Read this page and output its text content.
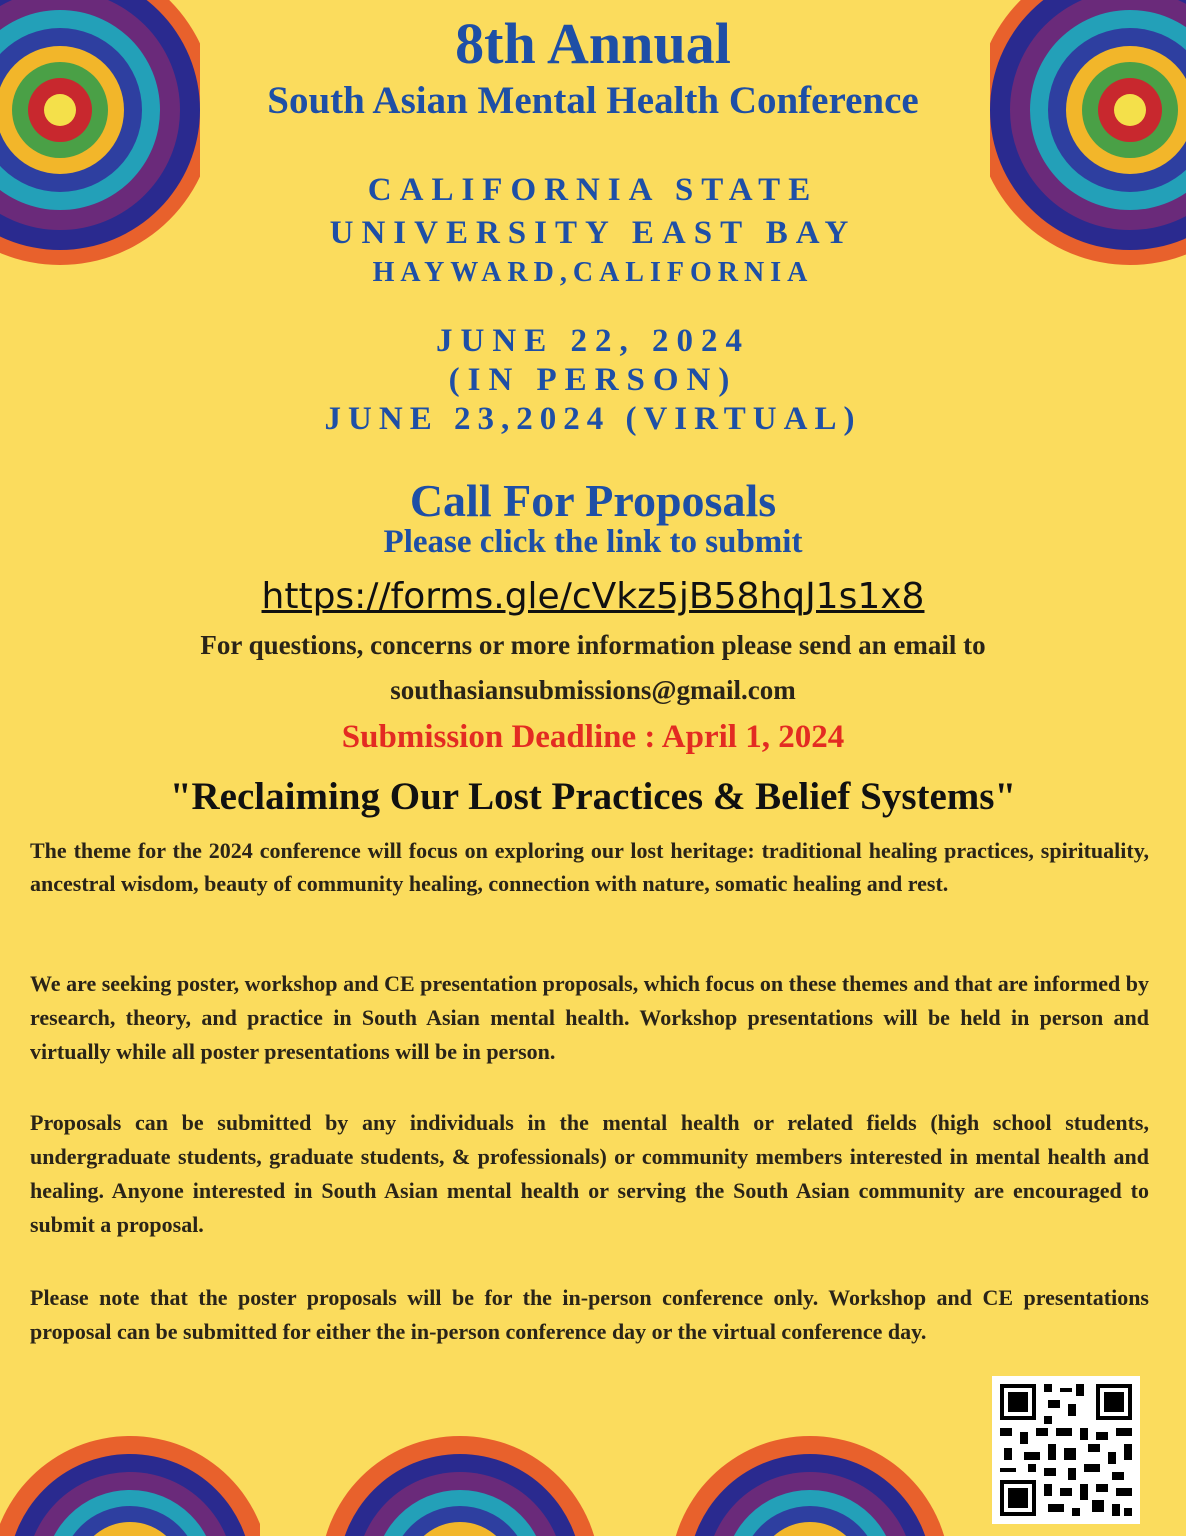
8th Annual
South Asian Mental Health Conference
CALIFORNIA STATE
UNIVERSITY EAST BAY
HAYWARD,CALIFORNIA
JUNE 22, 2024
(IN PERSON)
JUNE 23,2024 (VIRTUAL)
Call For Proposals
Please click the link to submit
https://forms.gle/cVkz5jB58hqJ1s1x8
For questions, concerns or more information please send an email to
southasiansubmissions@gmail.com
Submission Deadline : April 1, 2024
"Reclaiming Our Lost Practices & Belief Systems"

The theme for the 2024 conference will focus on exploring our lost heritage: traditional healing practices, spirituality, ancestral wisdom, beauty of community healing, connection with nature, somatic healing and rest.

We are seeking poster, workshop and CE presentation proposals, which focus on these themes and that are informed by research, theory, and practice in South Asian mental health. Workshop presentations will be held in person and virtually while all poster presentations will be in person.

Proposals can be submitted by any individuals in the mental health or related fields (high school students, undergraduate students, graduate students, & professionals) or community members interested in mental health and healing. Anyone interested in South Asian mental health or serving the South Asian community are encouraged to submit a proposal.

Please note that the poster proposals will be for the in-person conference only. Workshop and CE presentations proposal can be submitted for either the in-person conference day or the virtual conference day.
